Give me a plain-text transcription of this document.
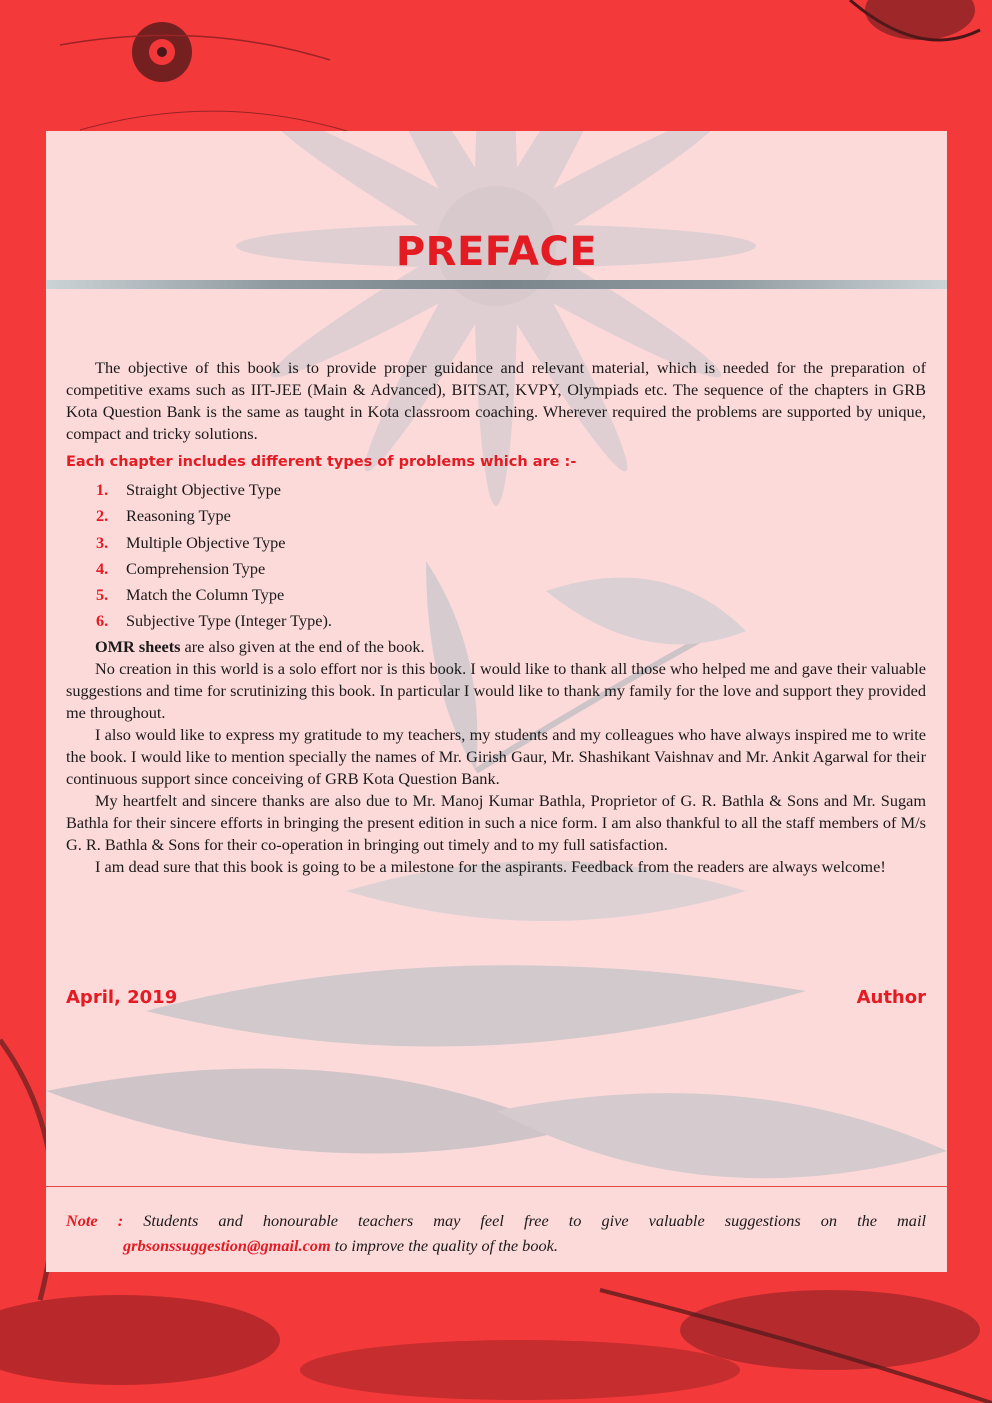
PREFACE

The objective of this book is to provide proper guidance and relevant material, which is needed for the preparation of competitive exams such as IIT-JEE (Main & Advanced), BITSAT, KVPY, Olympiads etc. The sequence of the chapters in GRB Kota Question Bank is the same as taught in Kota classroom coaching. Wherever required the problems are supported by unique, compact and tricky solutions.

Each chapter includes different types of problems which are :-
1. Straight Objective Type
2. Reasoning Type
3. Multiple Objective Type
4. Comprehension Type
5. Match the Column Type
6. Subjective Type (Integer Type).

OMR sheets are also given at the end of the book.

No creation in this world is a solo effort nor is this book. I would like to thank all those who helped me and gave their valuable suggestions and time for scrutinizing this book. In particular I would like to thank my family for the love and support they provided me throughout.

I also would like to express my gratitude to my teachers, my students and my colleagues who have always inspired me to write the book. I would like to mention specially the names of Mr. Girish Gaur, Mr. Shashikant Vaishnav and Mr. Ankit Agarwal for their continuous support since conceiving of GRB Kota Question Bank.

My heartfelt and sincere thanks are also due to Mr. Manoj Kumar Bathla, Proprietor of G. R. Bathla & Sons and Mr. Sugam Bathla for their sincere efforts in bringing the present edition in such a nice form. I am also thankful to all the staff members of M/s G. R. Bathla & Sons for their co-operation in bringing out timely and to my full satisfaction.

I am dead sure that this book is going to be a milestone for the aspirants. Feedback from the readers are always welcome!

April, 2019	Author
Note : Students and honourable teachers may feel free to give valuable suggestions on the mail
grbsonssuggestion@gmail.com to improve the quality of the book.
